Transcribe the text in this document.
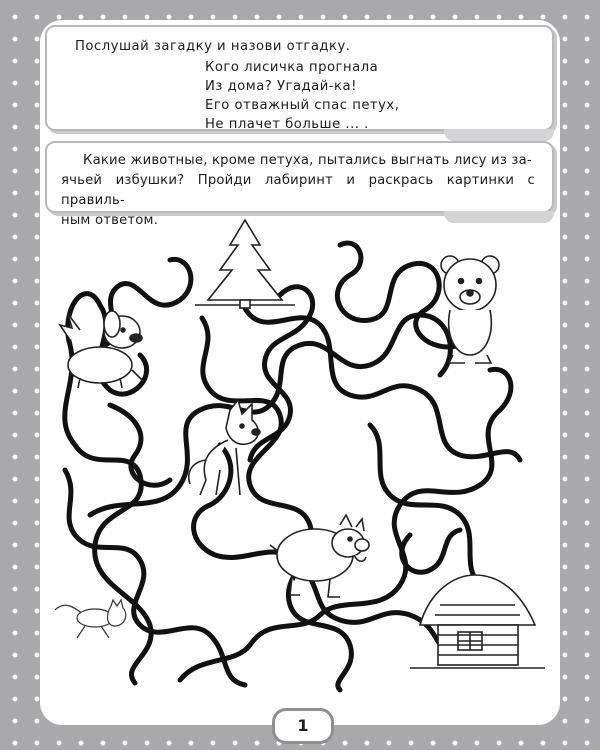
Послушай загадку и назови отгадку.
Кого лисичка прогнала
Из дома? Угадай-ка!
Его отважный спас петух,
Не плачет больше ... .
Какие животные, кроме петуха, пытались выгнать лису из за-
ячьей избушки? Пройди лабиринт и раскрась картинки с правиль-
ным ответом.
1
